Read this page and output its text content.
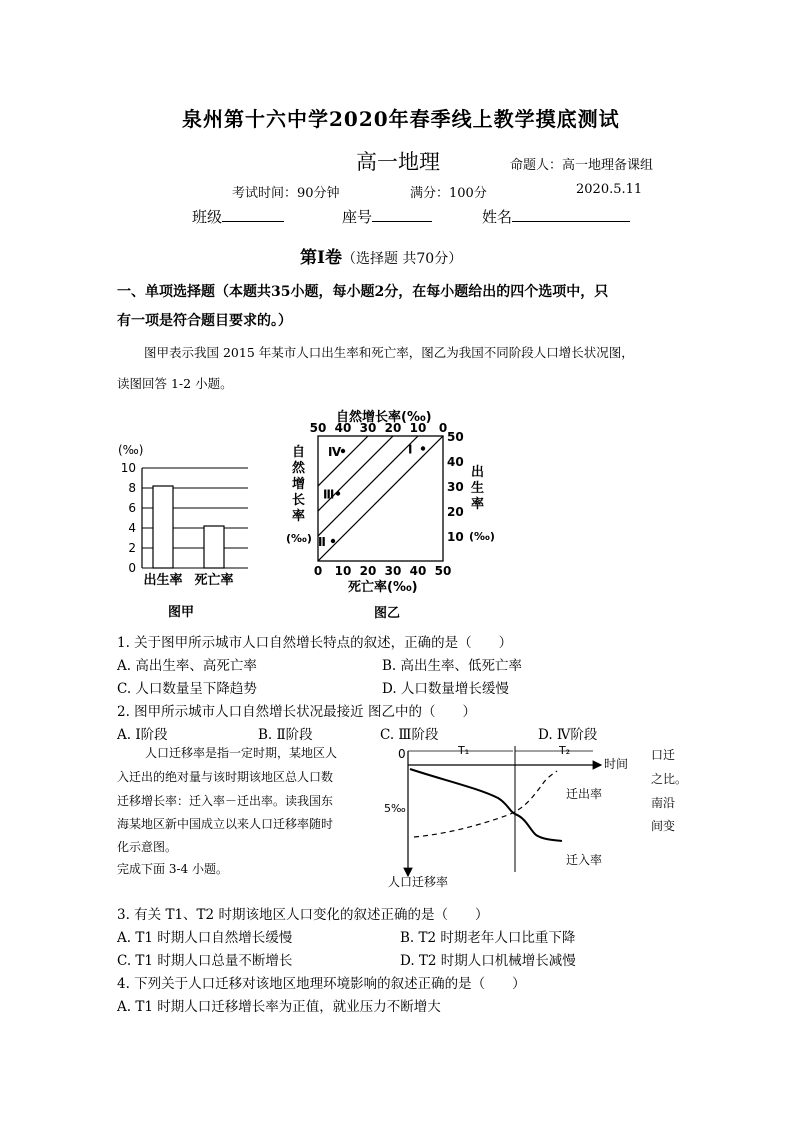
泉州第十六中学2020年春季线上教学摸底测试
高一地理	命题人：高一地理备课组
考试时间：90分钟	满分：100分	2020.5.11
班级	座号	姓名
第Ⅰ卷（选择题 共70分）
一、单项选择题（本题共35小题，每小题2分，在每小题给出的四个选项中，只
有一项是符合题目要求的。）
图甲表示我国 2015 年某市人口出生率和死亡率，图乙为我国不同阶段人口增长状况图，
读图回答 1-2 小题。
(‰)
0
2
4
6
8
10
出生率 死亡率
图甲
自然增长率(‰)
50 40 30 20 10 0
Ⅰ
Ⅱ
Ⅲ
Ⅳ
0 10 20 30 40 50
10
20
30
40
50
自
然
增
长
率
(‰)
出
生
率
(‰)
死亡率(‰)
图乙
1. 关于图甲所示城市人口自然增长特点的叙述，正确的是（　　）
A. 高出生率、高死亡率	B. 高出生率、低死亡率
C. 人口数量呈下降趋势	D. 人口数量增长缓慢
2. 图甲所示城市人口自然增长状况最接近 图乙中的（　　）
A. Ⅰ阶段	B. Ⅱ阶段	C. Ⅲ阶段	D. Ⅳ阶段
人口迁移率是指一定时期，某地区人
入迁出的绝对量与该时期该地区总人口数
迁移增长率：迁入率－迁出率。读我国东
海某地区新中国成立以来人口迁移率随时
化示意图。
完成下面 3-4 小题。
口迁
之比。
南沿
间变
0	T₁	T₂
时间
5‰
迁出率
迁入率
人口迁移率
3. 有关 T1、T2 时期该地区人口变化的叙述正确的是（　　）
A. T1 时期人口自然增长缓慢	B. T2 时期老年人口比重下降
C. T1 时期人口总量不断增长	D. T2 时期人口机械增长减慢
4. 下列关于人口迁移对该地区地理环境影响的叙述正确的是（　　）
A. T1 时期人口迁移增长率为正值，就业压力不断增大
